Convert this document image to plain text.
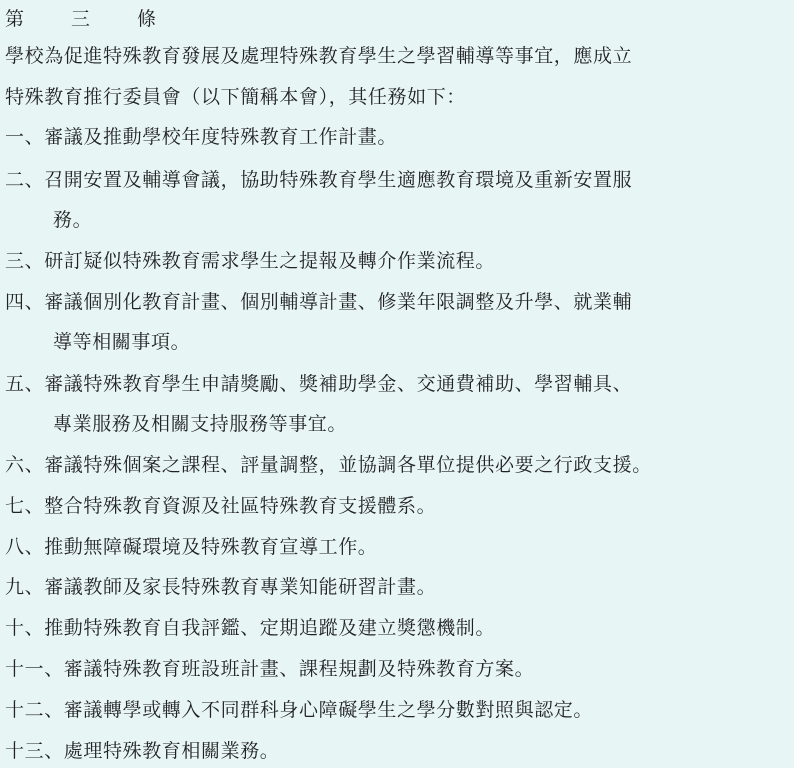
第　三　條
學校為促進特殊教育發展及處理特殊教育學生之學習輔導等事宜，應成立
特殊教育推行委員會（以下簡稱本會），其任務如下：
一、審議及推動學校年度特殊教育工作計畫。
二、召開安置及輔導會議，協助特殊教育學生適應教育環境及重新安置服
務。
三、研訂疑似特殊教育需求學生之提報及轉介作業流程。
四、審議個別化教育計畫、個別輔導計畫、修業年限調整及升學、就業輔
導等相關事項。
五、審議特殊教育學生申請獎勵、獎補助學金、交通費補助、學習輔具、
專業服務及相關支持服務等事宜。
六、審議特殊個案之課程、評量調整，並協調各單位提供必要之行政支援。
七、整合特殊教育資源及社區特殊教育支援體系。
八、推動無障礙環境及特殊教育宣導工作。
九、審議教師及家長特殊教育專業知能研習計畫。
十、推動特殊教育自我評鑑、定期追蹤及建立獎懲機制。
十一、審議特殊教育班設班計畫、課程規劃及特殊教育方案。
十二、審議轉學或轉入不同群科身心障礙學生之學分數對照與認定。
十三、處理特殊教育相關業務。
